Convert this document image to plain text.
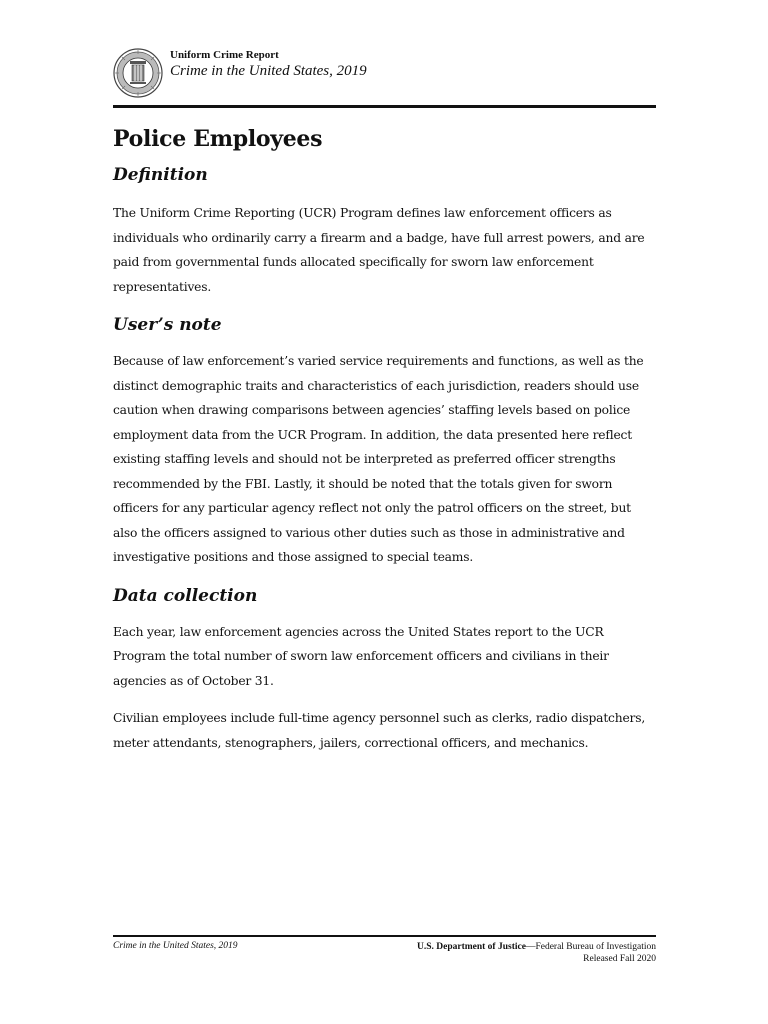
Uniform Crime Report
Crime in the United States, 2019
Police Employees
Definition

The Uniform Crime Reporting (UCR) Program defines law enforcement officers as individuals who ordinarily carry a firearm and a badge, have full arrest powers, and are paid from governmental funds allocated specifically for sworn law enforcement representatives.

User’s note

Because of law enforcement’s varied service requirements and functions, as well as the distinct demographic traits and characteristics of each jurisdiction, readers should use caution when drawing comparisons between agencies’ staffing levels based on police employment data from the UCR Program. In addition, the data presented here reflect existing staffing levels and should not be interpreted as preferred officer strengths recommended by the FBI. Lastly, it should be noted that the totals given for sworn officers for any particular agency reflect not only the patrol officers on the street, but also the officers assigned to various other duties such as those in administrative and investigative positions and those assigned to special teams.

Data collection

Each year, law enforcement agencies across the United States report to the UCR Program the total number of sworn law enforcement officers and civilians in their agencies as of October 31.

Civilian employees include full-time agency personnel such as clerks, radio dispatchers, meter attendants, stenographers, jailers, correctional officers, and mechanics.

Crime in the United States, 2019	U.S. Department of Justice—Federal Bureau of Investigation
Released Fall 2020
